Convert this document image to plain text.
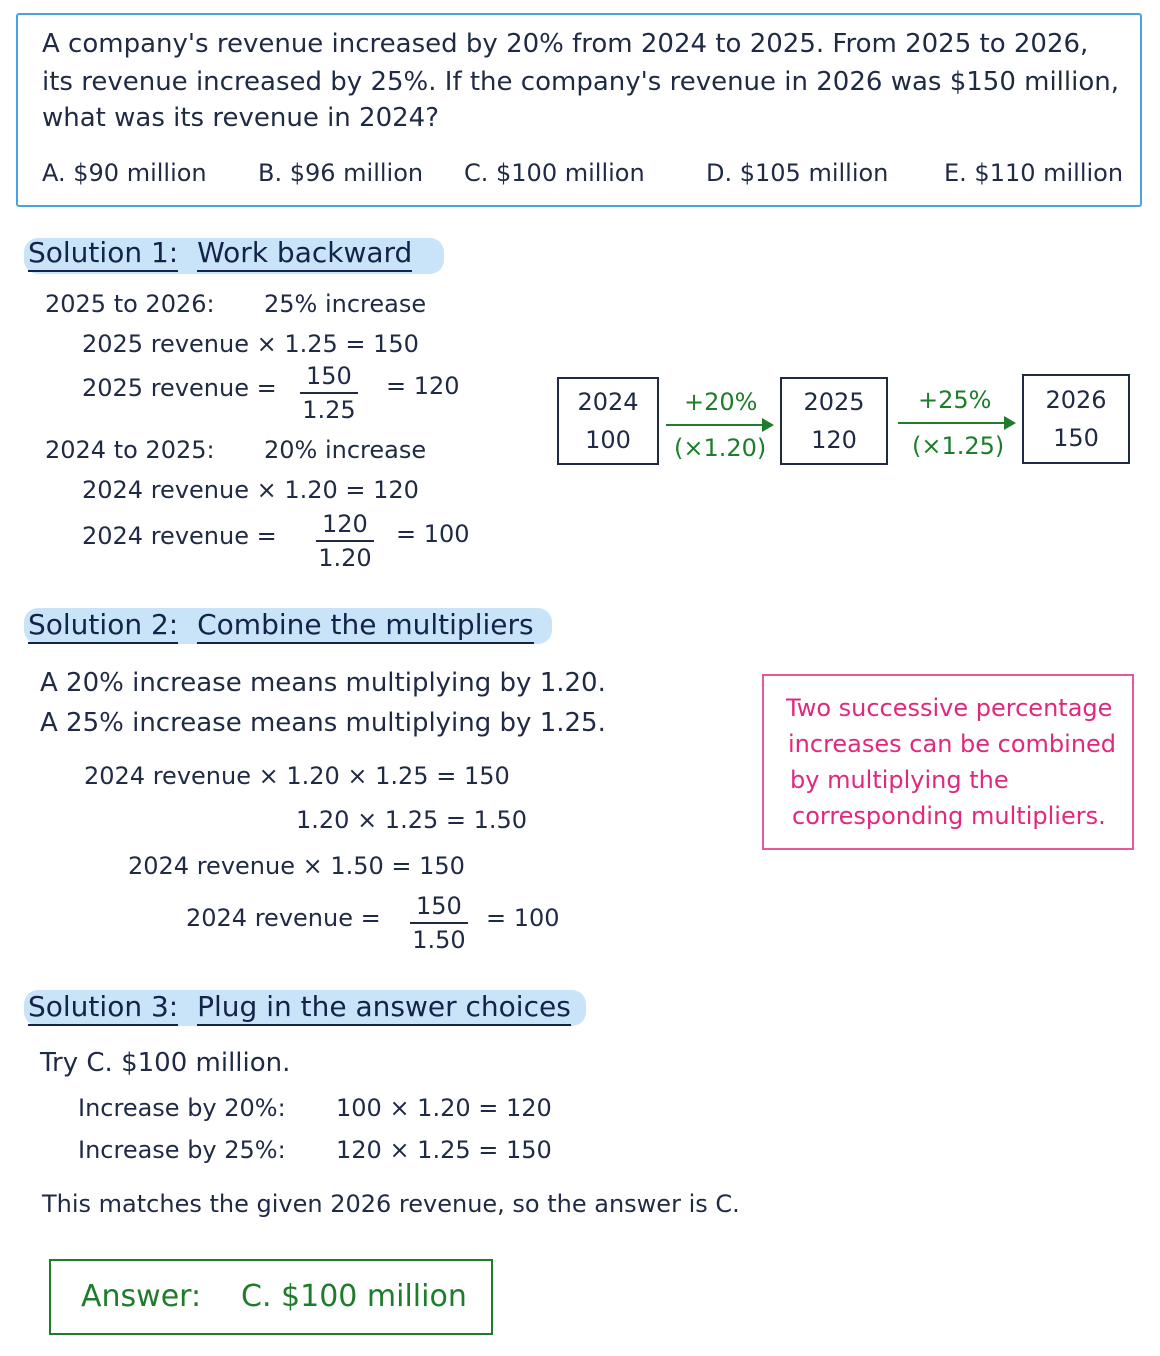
A company's revenue increased by 20% from 2024 to 2025. From 2025 to 2026,
its revenue increased by 25%. If the company's revenue in 2026 was $150 million,
what was its revenue in 2024?
A. $90 million B. $96 million C. $100 million	D. $105 million E. $110 million
Solution 1: Work backward
2025 to 2026: 25% increase
2025 revenue × 1.25 = 150
2025 revenue = $\frac{150}{1.25} = 120$
2024 to 2025: 20% increase
2024 revenue × 1.20 = 120
2024 revenue = $\frac{120}{1.20} = 100$
2024
100
+20%
(×1.20)
2025
120
+25%
(×1.25)
2026
150
Solution 2: Combine the multipliers
A 20% increase means multiplying by 1.20.
A 25% increase means multiplying by 1.25.
2024 revenue × 1.20 × 1.25 = 150
1.20 × 1.25 = 1.50
2024 revenue × 1.50 = 150
2024 revenue = $\frac{150}{1.50} = 100$
Two successive percentage
increases can be combined
by multiplying the
corresponding multipliers.
Solution 3: Plug in the answer choices
Try C. $100 million.
Increase by 20%: 100 × 1.20 = 120
Increase by 25%: 120 × 1.25 = 150
This matches the given 2026 revenue, so the answer is C.
Answer: C. $100 million
